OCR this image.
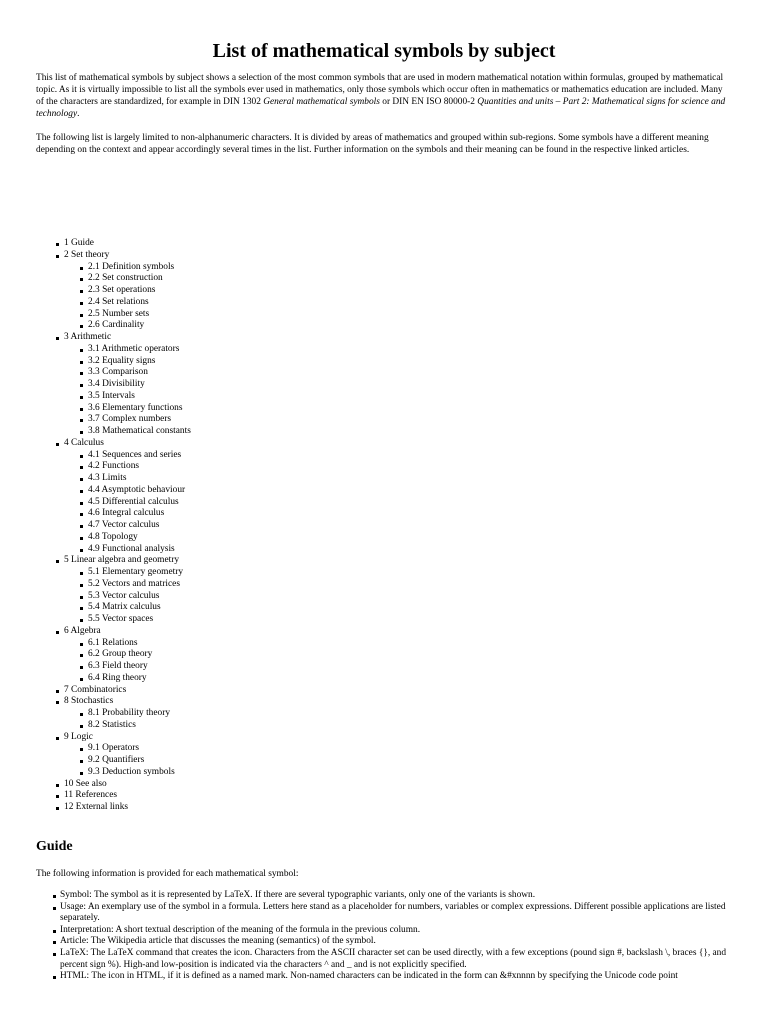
List of mathematical symbols by subject

This list of mathematical symbols by subject shows a selection of the most common symbols that are used in modern mathematical notation within formulas, grouped by mathematical topic. As it is virtually impossible to list all the symbols ever used in mathematics, only those symbols which occur often in mathematics or mathematics education are included. Many of the characters are standardized, for example in DIN 1302 General mathematical symbols or DIN EN ISO 80000-2 Quantities and units – Part 2: Mathematical signs for science and technology.

The following list is largely limited to non-alphanumeric characters. It is divided by areas of mathematics and grouped within sub-regions. Some symbols have a different meaning depending on the context and appear accordingly several times in the list. Further information on the symbols and their meaning can be found in the respective linked articles.

1 Guide
2 Set theory
2.1 Definition symbols
2.2 Set construction
2.3 Set operations
2.4 Set relations
2.5 Number sets
2.6 Cardinality
3 Arithmetic
3.1 Arithmetic operators
3.2 Equality signs
3.3 Comparison
3.4 Divisibility
3.5 Intervals
3.6 Elementary functions
3.7 Complex numbers
3.8 Mathematical constants
4 Calculus
4.1 Sequences and series
4.2 Functions
4.3 Limits
4.4 Asymptotic behaviour
4.5 Differential calculus
4.6 Integral calculus
4.7 Vector calculus
4.8 Topology
4.9 Functional analysis
5 Linear algebra and geometry
5.1 Elementary geometry
5.2 Vectors and matrices
5.3 Vector calculus
5.4 Matrix calculus
5.5 Vector spaces
6 Algebra
6.1 Relations
6.2 Group theory
6.3 Field theory
6.4 Ring theory
7 Combinatorics
8 Stochastics
8.1 Probability theory
8.2 Statistics
9 Logic
9.1 Operators
9.2 Quantifiers
9.3 Deduction symbols
10 See also
11 References
12 External links
Guide

The following information is provided for each mathematical symbol:

Symbol: The symbol as it is represented by LaTeX. If there are several typographic variants, only one of the variants is shown.
Usage: An exemplary use of the symbol in a formula. Letters here stand as a placeholder for numbers, variables or complex expressions. Different possible applications are listed separately.
Interpretation: A short textual description of the meaning of the formula in the previous column.
Article: The Wikipedia article that discusses the meaning (semantics) of the symbol.
LaTeX: The LaTeX command that creates the icon. Characters from the ASCII character set can be used directly, with a few exceptions (pound sign #, backslash \, braces {}, and percent sign %). High-and low-position is indicated via the characters ^ and _ and is not explicitly specified.
HTML: The icon in HTML, if it is defined as a named mark. Non-named characters can be indicated in the form can &#xnnnn by specifying the Unicode code point
